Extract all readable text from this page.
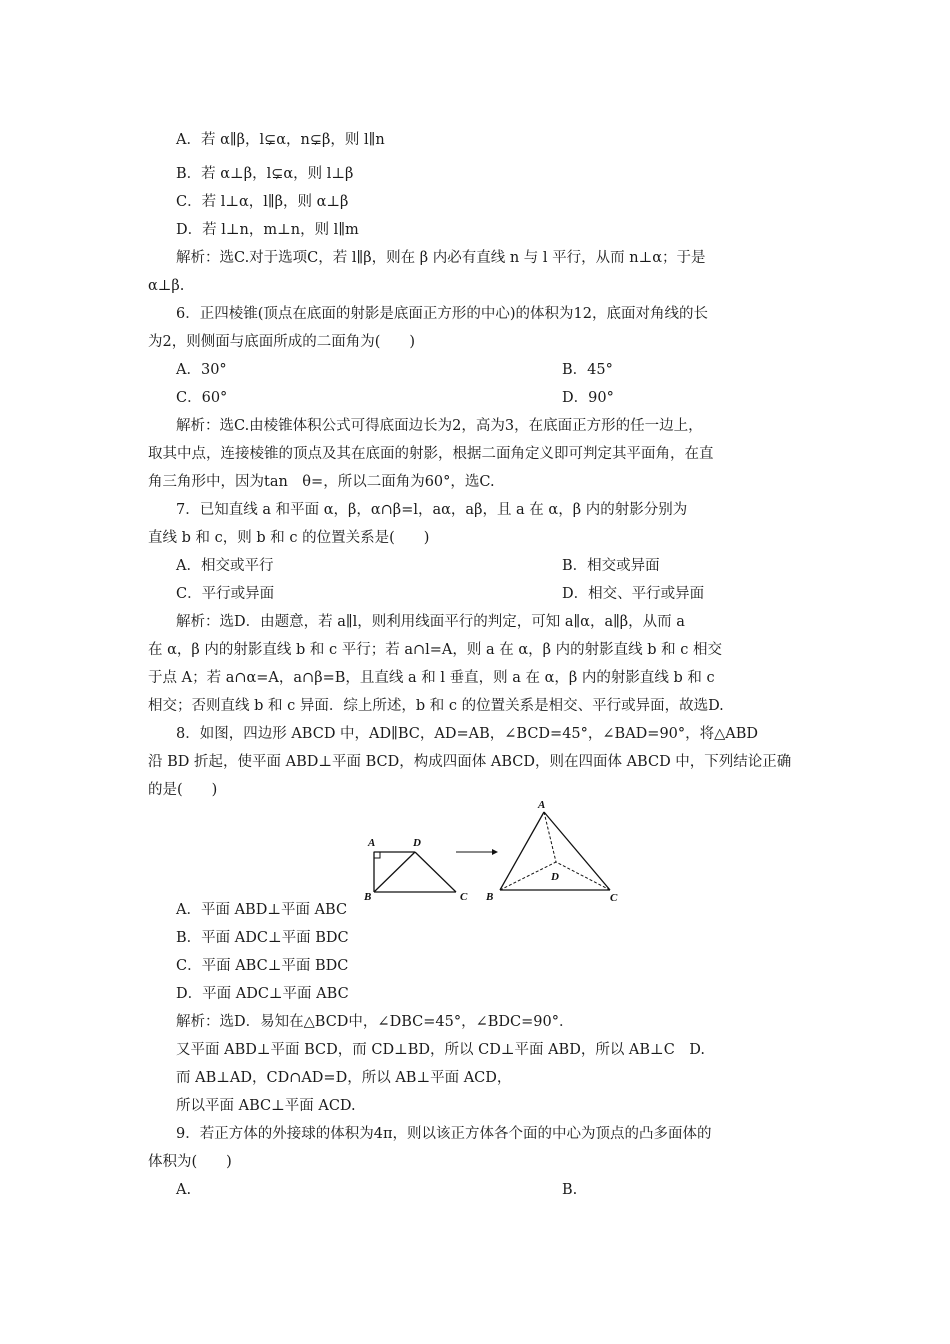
A．若 α∥β，l⊊α，n⊊β，则 l∥n
B．若 α⊥β，l⊊α，则 l⊥β
C．若 l⊥α，l∥β，则 α⊥β
D．若 l⊥n，m⊥n，则 l∥m
解析：选C.对于选项C，若 l∥β，则在 β 内必有直线 n 与 l 平行，从而 n⊥α；于是
α⊥β.
6．正四棱锥(顶点在底面的射影是底面正方形的中心)的体积为12，底面对角线的长
为2，则侧面与底面所成的二面角为(　　)
A．30°	B．45°
C．60°	D．90°
解析：选C.由棱锥体积公式可得底面边长为2，高为3，在底面正方形的任一边上，
取其中点，连接棱锥的顶点及其在底面的射影，根据二面角定义即可判定其平面角，在直
角三角形中，因为tan　θ=，所以二面角为60°，选C.
7．已知直线 a 和平面 α，β，α∩β=l，aα，aβ，且 a 在 α，β 内的射影分别为
直线 b 和 c，则 b 和 c 的位置关系是(　　)
A．相交或平行	B．相交或异面
C．平行或异面	D．相交、平行或异面
解析：选D．由题意，若 a∥l，则利用线面平行的判定，可知 a∥α，a∥β，从而 a
在 α，β 内的射影直线 b 和 c 平行；若 a∩l=A，则 a 在 α，β 内的射影直线 b 和 c 相交
于点 A；若 a∩α=A，a∩β=B，且直线 a 和 l 垂直，则 a 在 α，β 内的射影直线 b 和 c
相交；否则直线 b 和 c 异面．综上所述，b 和 c 的位置关系是相交、平行或异面，故选D.
8．如图，四边形 ABCD 中，AD∥BC，AD=AB，∠BCD=45°，∠BAD=90°，将△ABD
沿 BD 折起，使平面 ABD⊥平面 BCD，构成四面体 ABCD，则在四面体 ABCD 中，下列结论正确
的是(　　)
A
B	C
D
A
B	C
D
A．平面 ABD⊥平面 ABC
B．平面 ADC⊥平面 BDC
C．平面 ABC⊥平面 BDC
D．平面 ADC⊥平面 ABC
解析：选D．易知在△BCD中，∠DBC=45°，∠BDC=90°．
又平面 ABD⊥平面 BCD，而 CD⊥BD，所以 CD⊥平面 ABD，所以 AB⊥C　D.
而 AB⊥AD，CD∩AD=D，所以 AB⊥平面 ACD，
所以平面 ABC⊥平面 ACD.
9．若正方体的外接球的体积为4π，则以该正方体各个面的中心为顶点的凸多面体的
体积为(　　)
A.	B.
